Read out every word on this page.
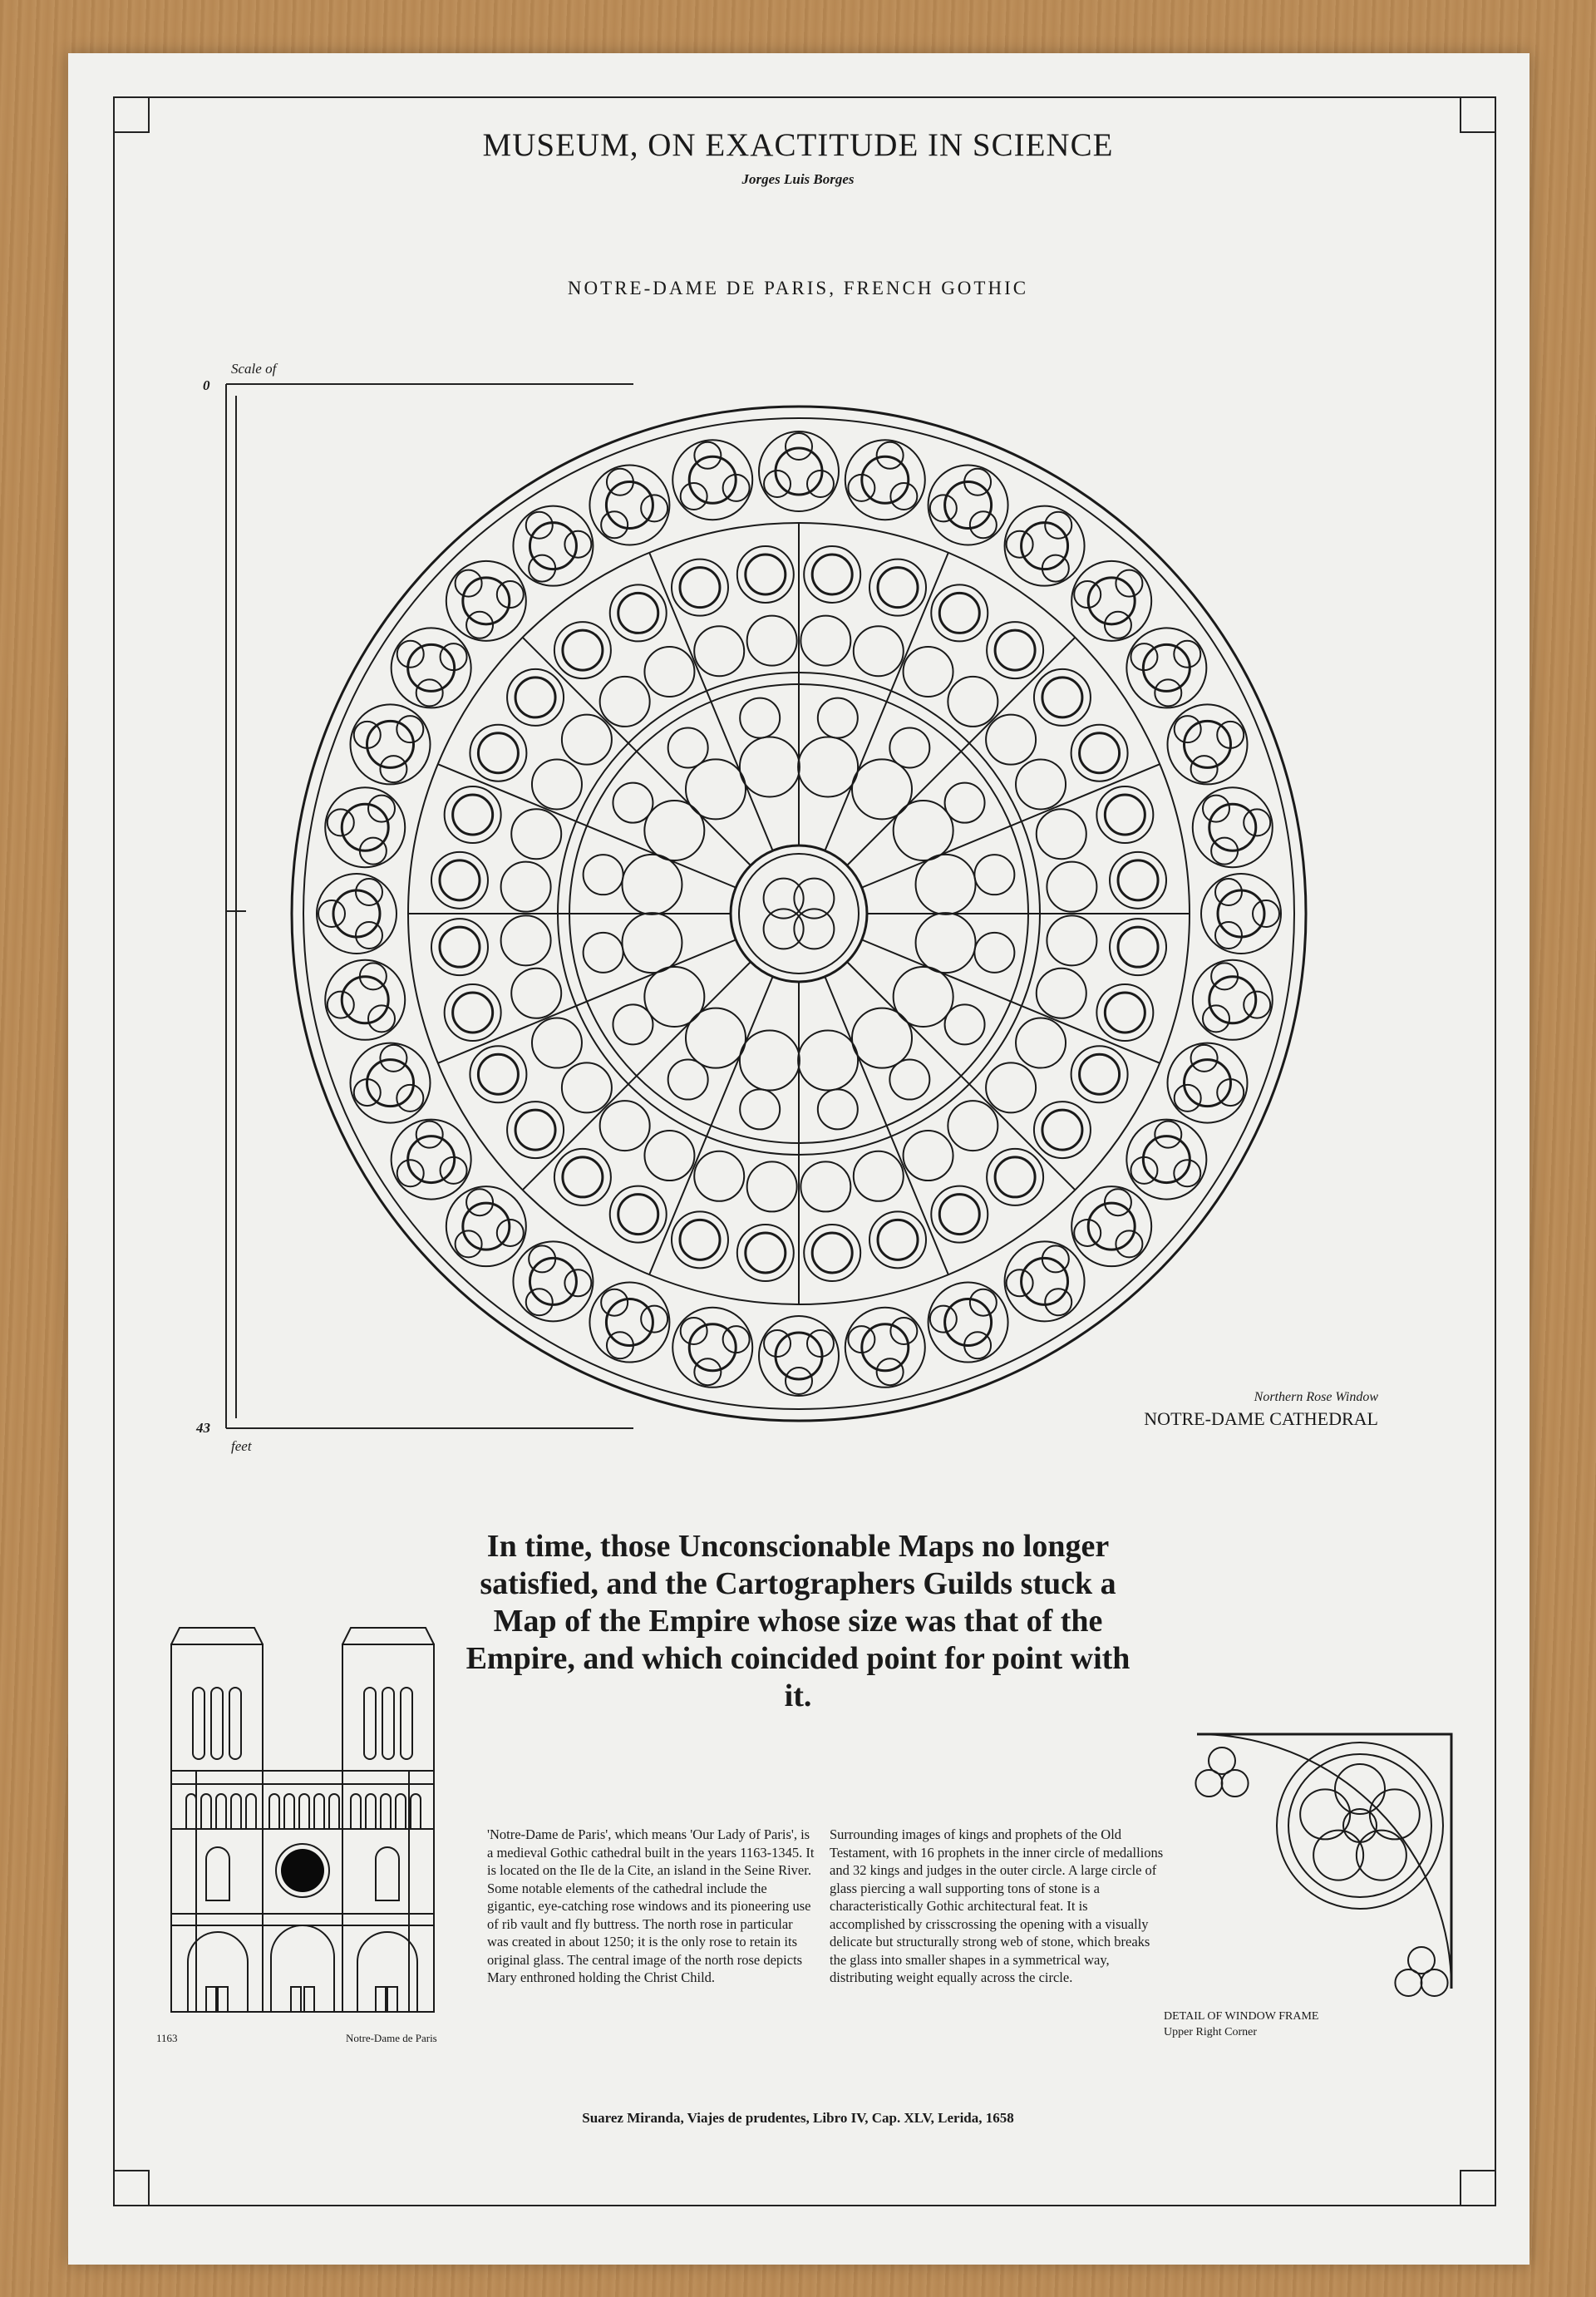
MUSEUM, ON EXACTITUDE IN SCIENCE
Jorges Luis Borges
NOTRE-DAME DE PARIS, FRENCH GOTHIC
Scale of
0
43
feet
Northern Rose Window
NOTRE-DAME CATHEDRAL
In time, those Unconscionable Maps no longer satisfied, and the Cartographers Guilds stuck a Map of the Empire whose size was that of the Empire, and which coincided point for point with it.
1163	Notre-Dame de Paris
'Notre-Dame de Paris', which means 'Our Lady of Paris', is a medieval Gothic cathedral built in the years 1163-1345. It is located on the Ile de la Cite, an island in the Seine River. Some notable elements of the cathedral include the gigantic, eye-catching rose windows and its pioneering use of rib vault and fly buttress. The north rose in particular was created in about 1250; it is the only rose to retain its original glass. The central image of the north rose depicts Mary enthroned holding the Christ Child.
Surrounding images of kings and prophets of the Old Testament, with 16 prophets in the inner circle of medallions and 32 kings and judges in the outer circle. A large circle of glass piercing a wall supporting tons of stone is a characteristically Gothic architectural feat. It is accomplished by crisscrossing the opening with a visually delicate but structurally strong web of stone, which breaks the glass into smaller shapes in a symmetrical way, distributing weight equally across the circle.
DETAIL OF WINDOW FRAME
Upper Right Corner
Suarez Miranda, Viajes de prudentes, Libro IV, Cap. XLV, Lerida, 1658
